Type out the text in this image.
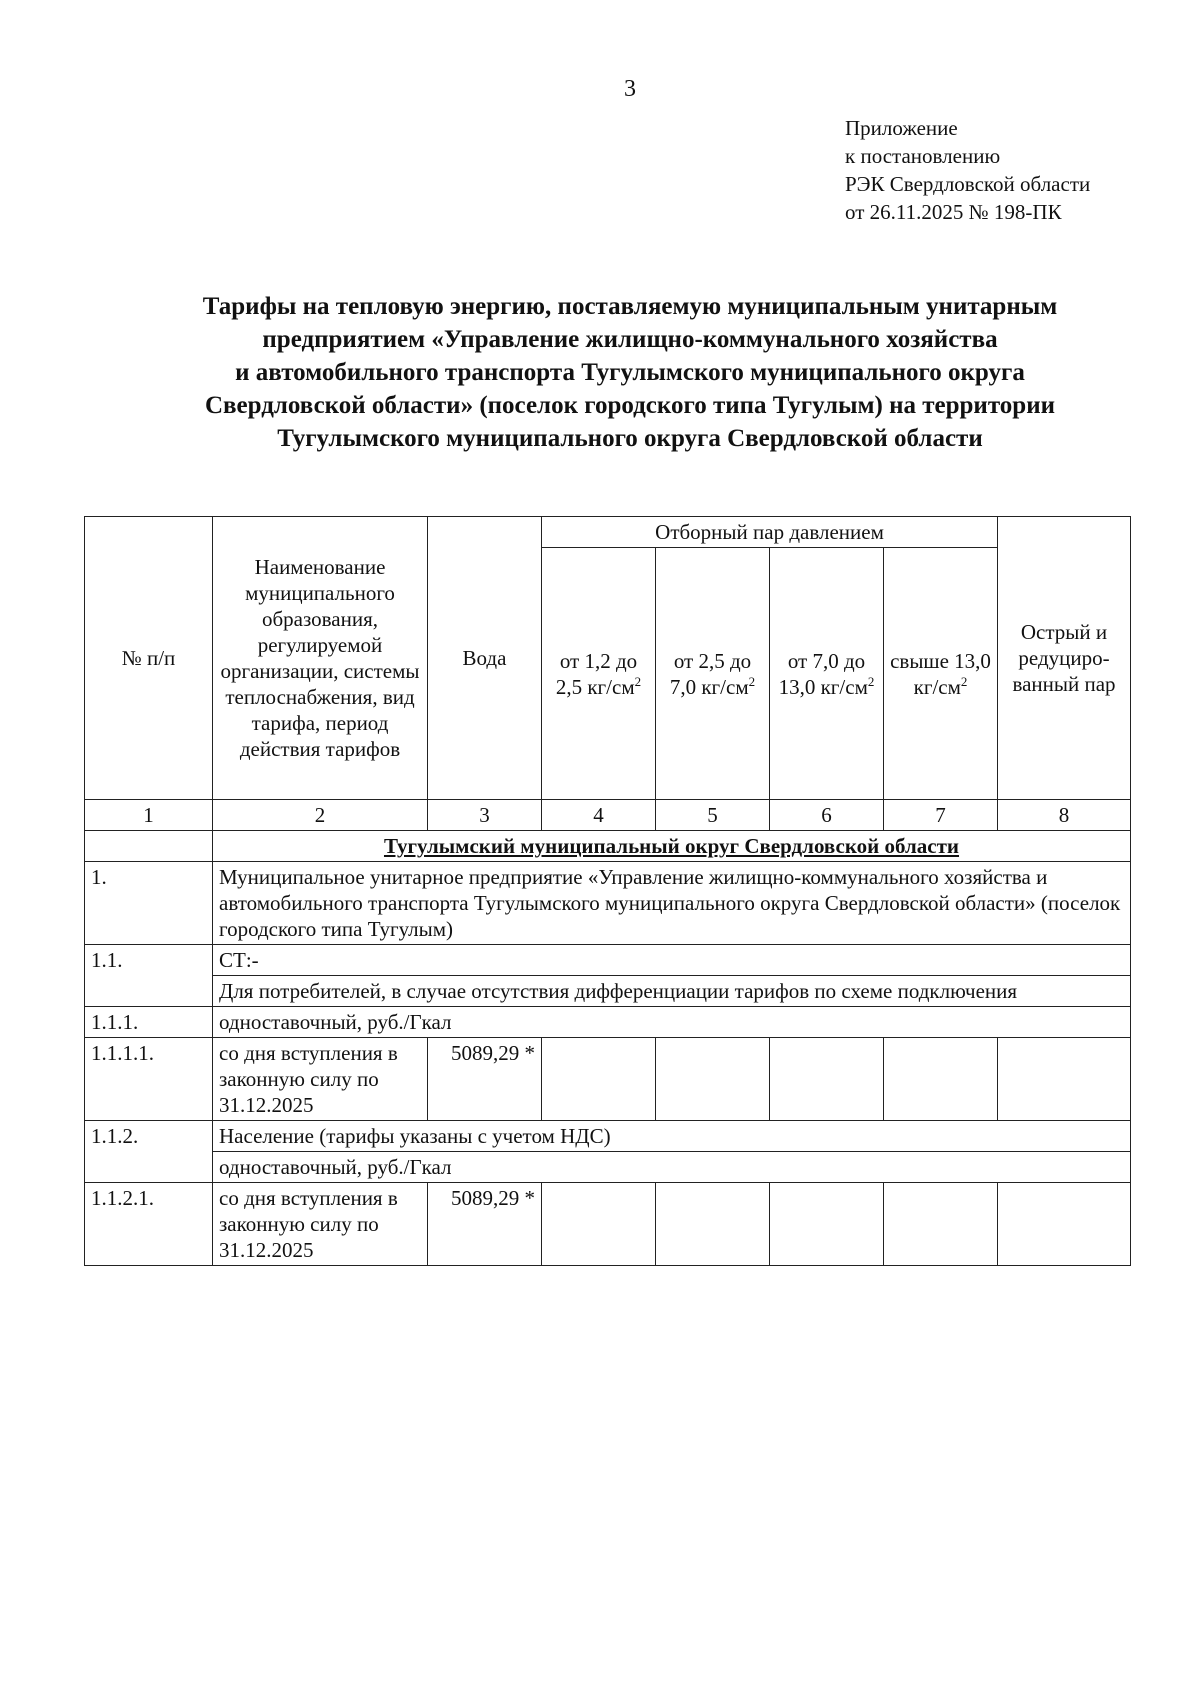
3
Приложение
к постановлению
РЭК Свердловской области
от 26.11.2025 № 198-ПК
Тарифы на тепловую энергию, поставляемую муниципальным унитарным
предприятием «Управление жилищно-коммунального хозяйства
и автомобильного транспорта Тугулымского муниципального округа
Свердловской области» (поселок городского типа Тугулым) на территории
Тугулымского муниципального округа Свердловской области
№ п/п	Наименование муниципального образования, регулируемой организации, системы теплоснабжения, вид тарифа, период действия тарифов	Вода	Отборный пар давлением				Острый и редуциро-ванный пар
			от 1,2 до 2,5 $кг/см^2$	от 2,5 до 7,0 $кг/см^2$	от 7,0 до 13,0 $кг/см^2$	свыше 13,0 $кг/см^2$
1	2	3	4	5	6	7	8
	Тугулымский муниципальный округ Свердловской области						
1.	Муниципальное унитарное предприятие «Управление жилищно-коммунального хозяйства и автомобильного транспорта Тугулымского муниципального округа Свердловской области» (поселок городского типа Тугулым)						
1.1.	СТ:-						
	Для потребителей, в случае отсутствия дифференциации тарифов по схеме подключения						
1.1.1.	одноставочный, руб./Гкал						
1.1.1.1.	со дня вступления в законную силу по 31.12.2025	5089,29 *					
1.1.2.	Население (тарифы указаны с учетом НДС)						
	одноставочный, руб./Гкал						
1.1.2.1.	со дня вступления в законную силу по 31.12.2025	5089,29 *					
